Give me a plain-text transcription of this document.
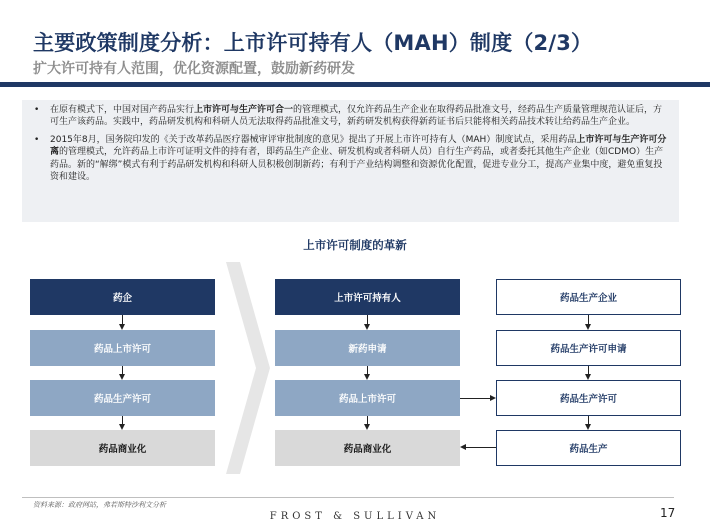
主要政策制度分析：上市许可持有人（MAH）制度（2/3）
扩大许可持有人范围，优化资源配置，鼓励新药研发
• 在原有模式下，中国对国产药品实行上市许可与生产许可合一的管理模式，仅允许药品生产企业在取得药品批准文号，经药品生产质量管理规范认证后，方可生产该药品。实践中，药品研发机构和科研人员无法取得药品批准文号，新药研发机构获得新药证书后只能将相关药品技术转让给药品生产企业。
• 2015年8月，国务院印发的《关于改革药品医疗器械审评审批制度的意见》提出了开展上市许可持有人（MAH）制度试点，采用药品上市许可与生产许可分离的管理模式，允许药品上市许可证明文件的持有者，即药品生产企业、研发机构或者科研人员）自行生产药品，或者委托其他生产企业（如CDMO）生产药品。新的“解绑”模式有利于药品研发机构和科研人员积极创制新药；有利于产业结构调整和资源优化配置，促进专业分工，提高产业集中度，避免重复投资和建设。
上市许可制度的革新
药企
药品上市许可
药品生产许可
药品商业化
上市许可持有人
新药申请
药品上市许可
药品商业化
药品生产企业
药品生产许可申请
药品生产许可
药品生产
资料来源：政府网站，弗若斯特沙利文分析
FROST & SULLIVAN	17
